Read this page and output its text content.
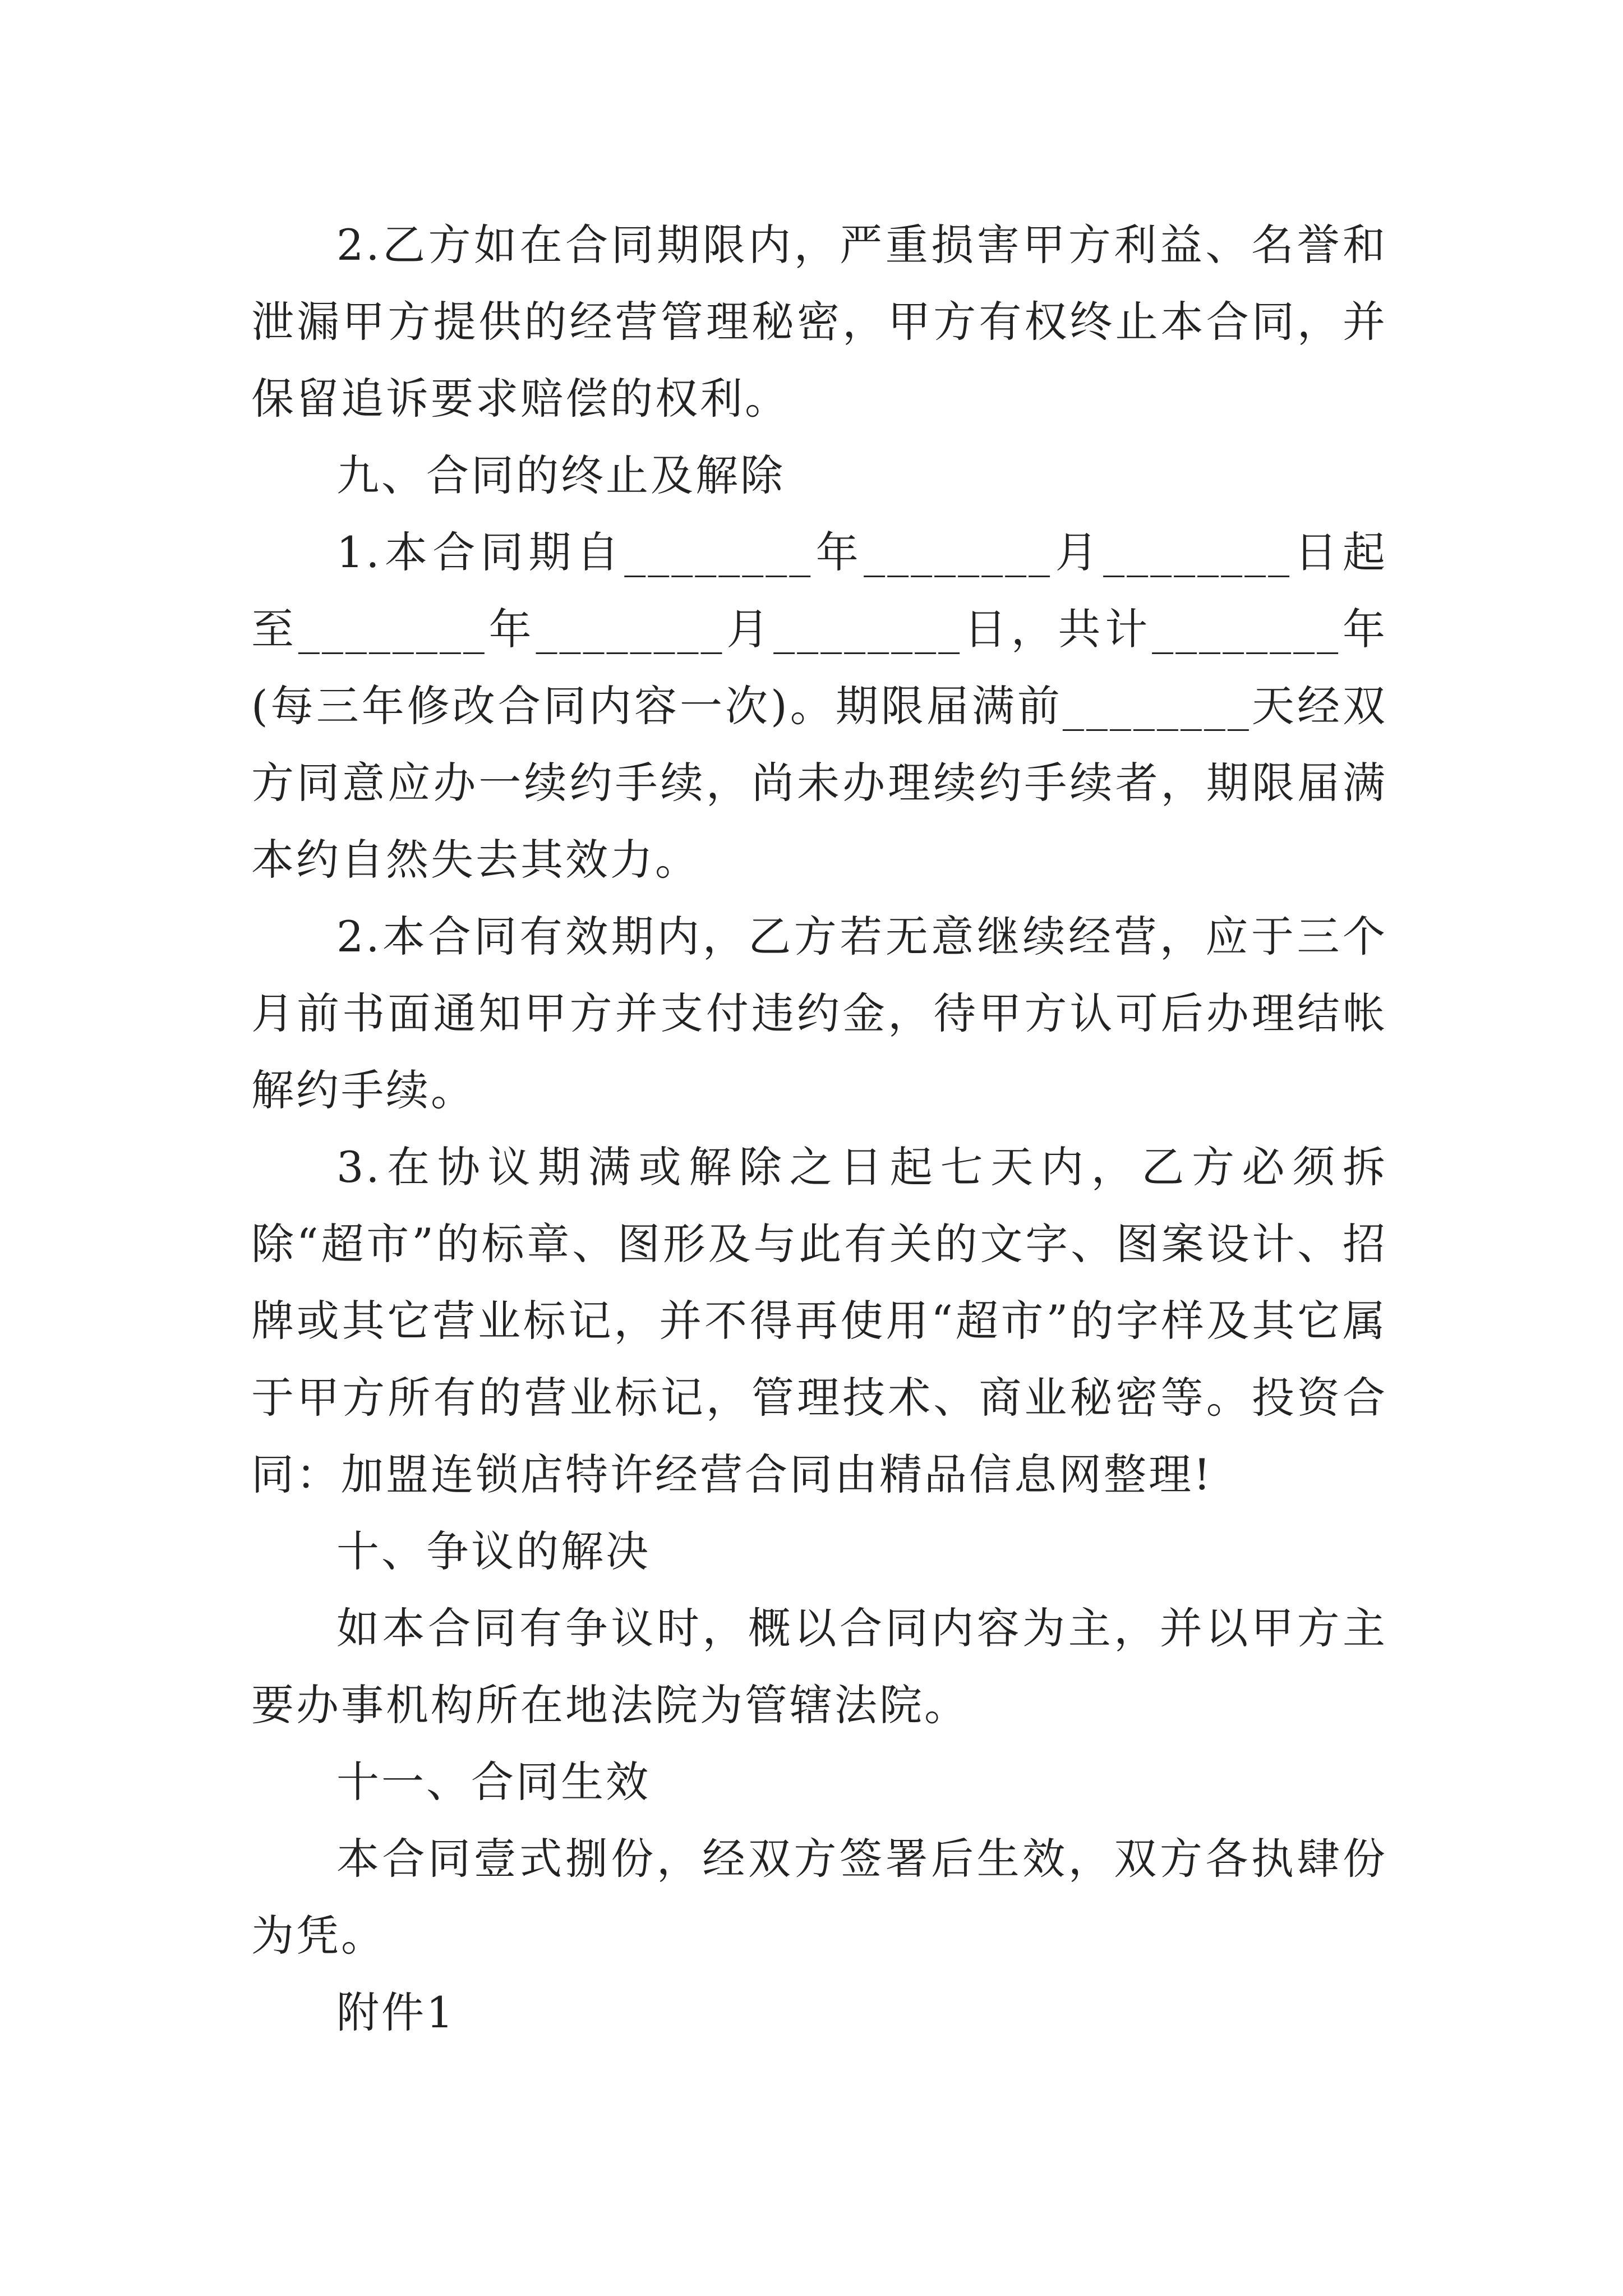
2.乙方如在合同期限内，严重损害甲方利益、名誉和泄漏甲方提供的经营管理秘密，甲方有权终止本合同，并保留追诉要求赔偿的权利。

九、合同的终止及解除

1.本合同期自________年________月________日起至________年________月________日，共计________年(每三年修改合同内容一次)。期限届满前________天经双方同意应办一续约手续，尚未办理续约手续者，期限届满本约自然失去其效力。

2.本合同有效期内，乙方若无意继续经营，应于三个月前书面通知甲方并支付违约金，待甲方认可后办理结帐解约手续。

3.在协议期满或解除之日起七天内，乙方必须拆除“超市”的标章、图形及与此有关的文字、图案设计、招牌或其它营业标记，并不得再使用“超市”的字样及其它属于甲方所有的营业标记，管理技术、商业秘密等。投资合同：加盟连锁店特许经营合同由精品信息网整理!

十、争议的解决

如本合同有争议时，概以合同内容为主，并以甲方主要办事机构所在地法院为管辖法院。

十一、合同生效

本合同壹式捌份，经双方签署后生效，双方各执肆份为凭。

附件1
